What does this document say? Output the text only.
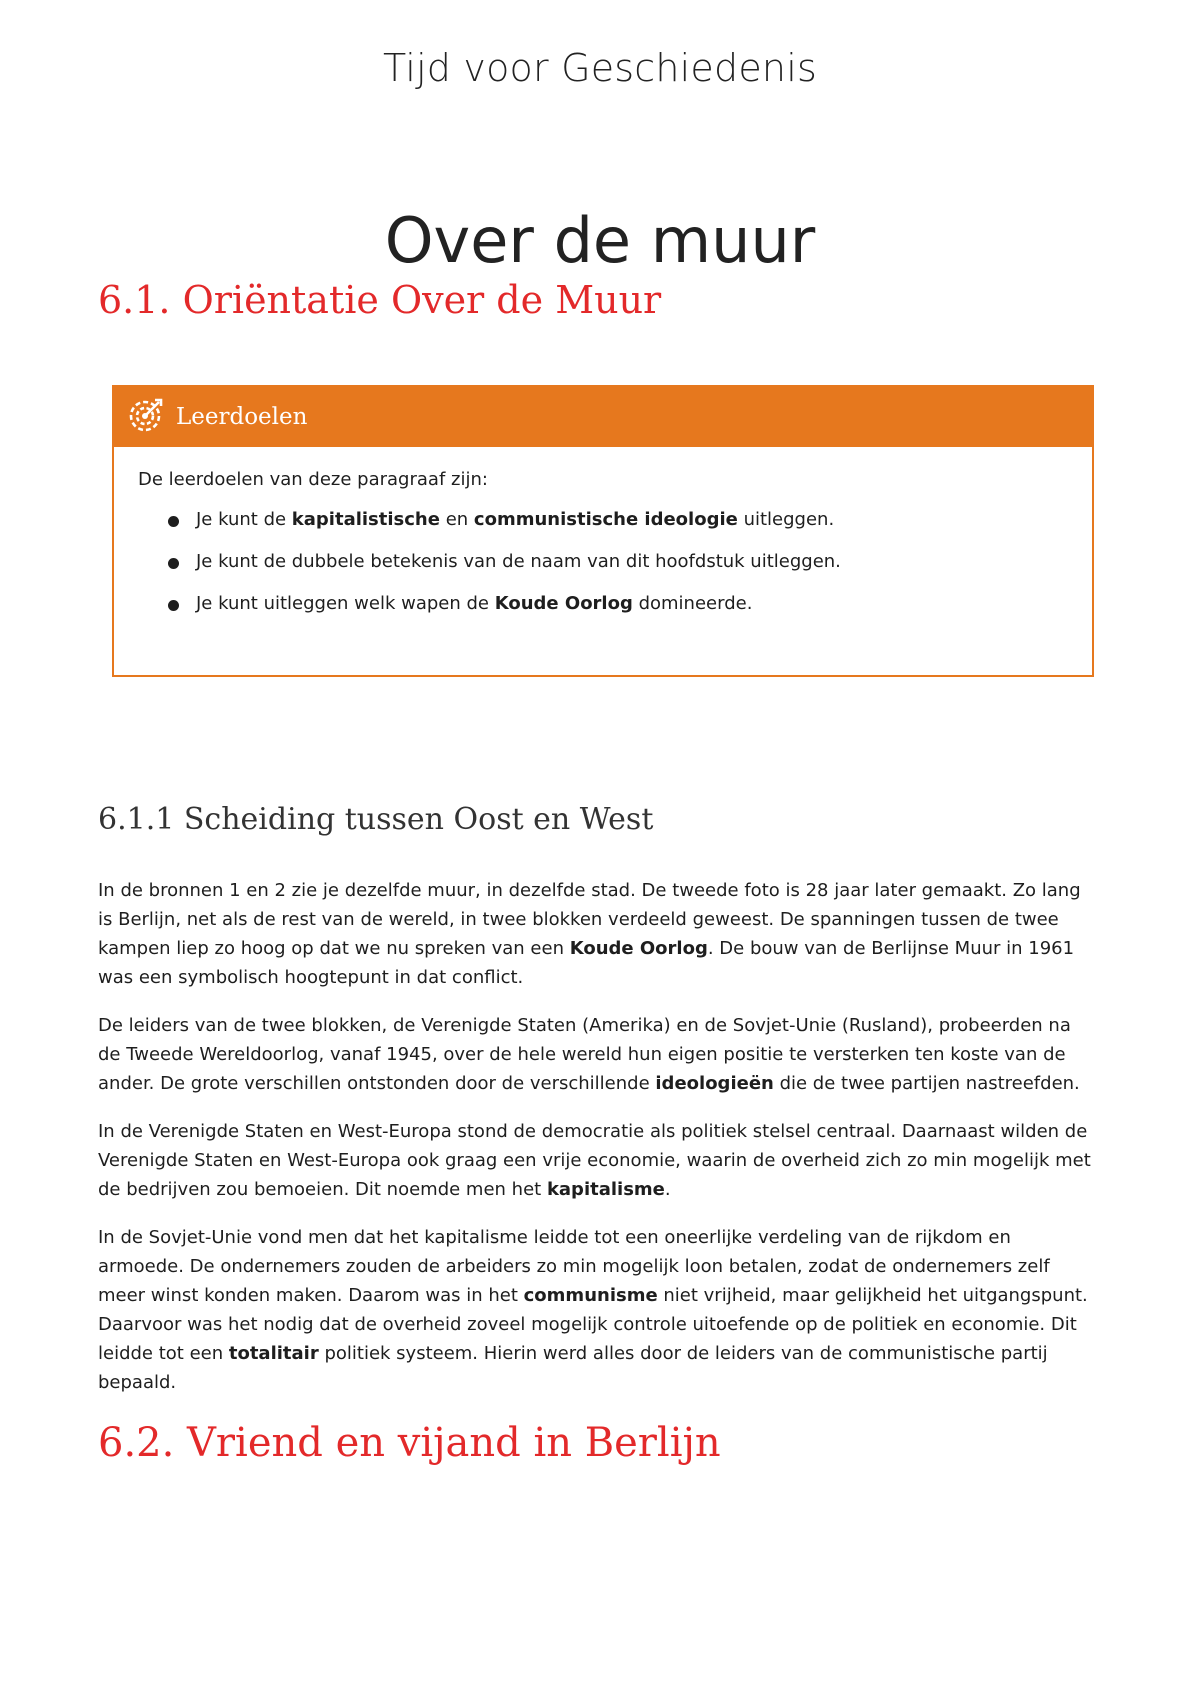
Tijd voor Geschiedenis
Over de muur
6.1. Oriëntatie Over de Muur
Leerdoelen

De leerdoelen van deze paragraaf zijn:

Je kunt de kapitalistische en communistische ideologie uitleggen.
Je kunt de dubbele betekenis van de naam van dit hoofdstuk uitleggen.
Je kunt uitleggen welk wapen de Koude Oorlog domineerde.
6.1.1 Scheiding tussen Oost en West

In de bronnen 1 en 2 zie je dezelfde muur, in dezelfde stad. De tweede foto is 28 jaar later gemaakt. Zo lang is Berlijn, net als de rest van de wereld, in twee blokken verdeeld geweest. De spanningen tussen de twee kampen liep zo hoog op dat we nu spreken van een Koude Oorlog. De bouw van de Berlijnse Muur in 1961 was een symbolisch hoogtepunt in dat conflict.

De leiders van de twee blokken, de Verenigde Staten (Amerika) en de Sovjet-Unie (Rusland), probeerden na de Tweede Wereldoorlog, vanaf 1945, over de hele wereld hun eigen positie te versterken ten koste van de ander. De grote verschillen ontstonden door de verschillende ideologieën die de twee partijen nastreefden.

In de Verenigde Staten en West-Europa stond de democratie als politiek stelsel centraal. Daarnaast wilden de Verenigde Staten en West-Europa ook graag een vrije economie, waarin de overheid zich zo min mogelijk met de bedrijven zou bemoeien. Dit noemde men het kapitalisme.

In de Sovjet-Unie vond men dat het kapitalisme leidde tot een oneerlijke verdeling van de rijkdom en armoede. De ondernemers zouden de arbeiders zo min mogelijk loon betalen, zodat de ondernemers zelf meer winst konden maken. Daarom was in het communisme niet vrijheid, maar gelijkheid het uitgangspunt. Daarvoor was het nodig dat de overheid zoveel mogelijk controle uitoefende op de politiek en economie. Dit leidde tot een totalitair politiek systeem. Hierin werd alles door de leiders van de communistische partij bepaald.

6.2. Vriend en vijand in Berlijn
